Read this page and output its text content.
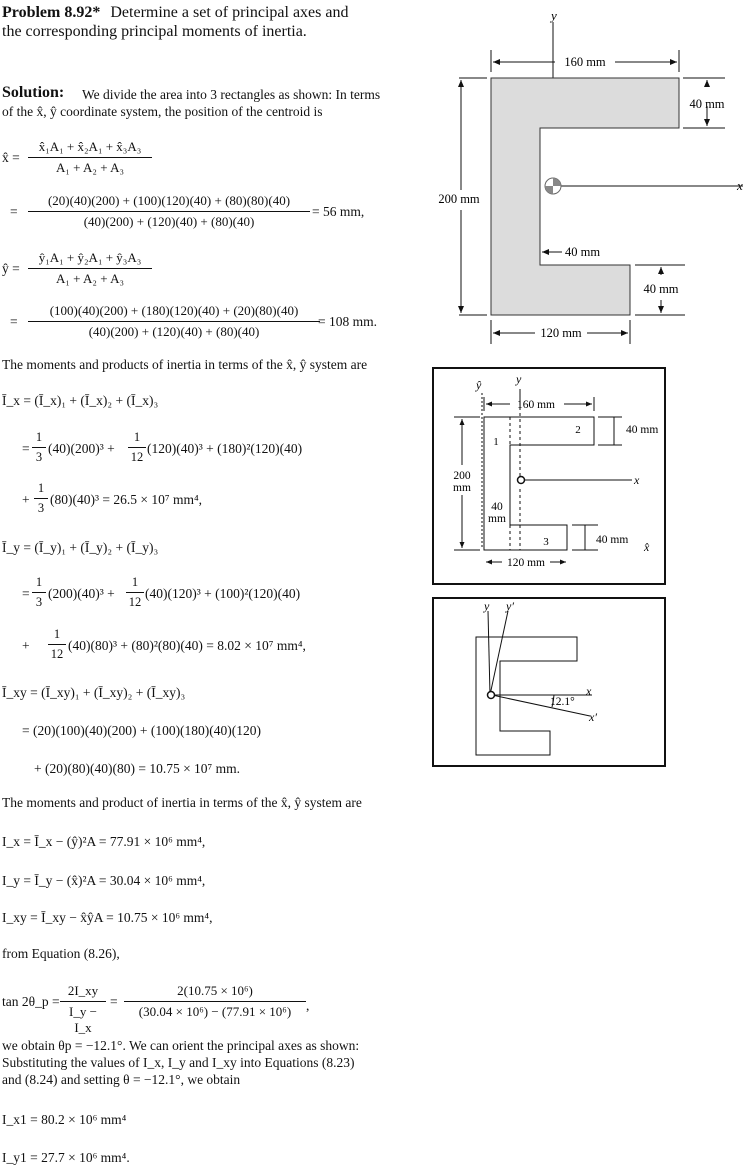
Problem 8.92* Determine a set of principal axes and
the corresponding principal moments of inertia.
Solution: We divide the area into 3 rectangles as shown: In terms
of the x̂, ŷ coordinate system, the position of the centroid is
x̂ = $\frac{\text{x̂₁A₁ + x̂₂A₁ + x̂₃A₃}}{\text{A₁ + A₂ + A₃}}$
= $\frac{(20)(40)(200) + (100)(120)(40) + (80)(80)(40)}{(40)(200) + (120)(40) + (80)(40)} = 56$ mm,
ŷ = $\frac{\text{ŷ₁A₁ + ŷ₂A₁ + ŷ₃A₃}}{\text{A₁ + A₂ + A₃}}$
= $\frac{(100)(40)(200) + (180)(120)(40) + (20)(80)(40)}{(40)(200) + (120)(40) + (80)(40)}$
= 108 mm.
The moments and products of inertia in terms of the x̂, ŷ system are
Ī_x = (Ī_x)₁ + (Ī_x)₂ + (Ī_x)₃
= $\frac{1}{3} (40)(200)^3 + \frac{1}{12} (120)(40)^3 + (180)^2(120)(40)$
+ $\frac{1}{3} (80)(40)^3 = 26.5 \times 10^7$ mm⁴,
Ī_y = (Ī_y)₁ + (Ī_y)₂ + (Ī_y)₃
= $\frac{1}{3} (200)(40)^3 + \frac{1}{12} (40)(120)^3 + (100)^2(120)(40)$
+ $\frac{1}{12} (40)(80)^3 + (80)^2(80)(40) = 8.02 \times 10^7$ mm⁴,
Ī_xy = (Ī_xy)₁ + (Ī_xy)₂ + (Ī_xy)₃
= (20)(100)(40)(200) + (100)(180)(40)(120)
+ (20)(80)(40)(80) = 10.75 × 10⁷ mm.
The moments and product of inertia in terms of the x̂, ŷ system are
I_x = Ī_x − (ŷ)²A = 77.91 × 10⁶ mm⁴,
I_y = Ī_y − (x̂)²A = 30.04 × 10⁶ mm⁴,
I_xy = Ī_xy − x̂ŷA = 10.75 × 10⁶ mm⁴,
from Equation (8.26),
tan 2θ_p = $\frac{2I\_xy}{I\_y - I\_x} = \frac{\text{2(10.75 × 10⁶)}}{\text{(30.04 × 10⁶) − (77.91 × 10⁶)}}$ ,
we obtain θp = −12.1°. We can orient the principal axes as shown:
Substituting the values of I_x, I_y and I_xy into Equations (8.23)
and (8.24) and setting θ = −12.1°, we obtain
I_x1 = 80.2 × 10⁶ mm⁴
I_y1 = 27.7 × 10⁶ mm⁴.
y
x
160 mm
40 mm
200 mm
40 mm
40 mm
120 mm
ŷ	y
x
1
2
3
160 mm
40 mm
200
mm
40
mm
40 mm x̂
120 mm
y y′
12.1°
x
x′
